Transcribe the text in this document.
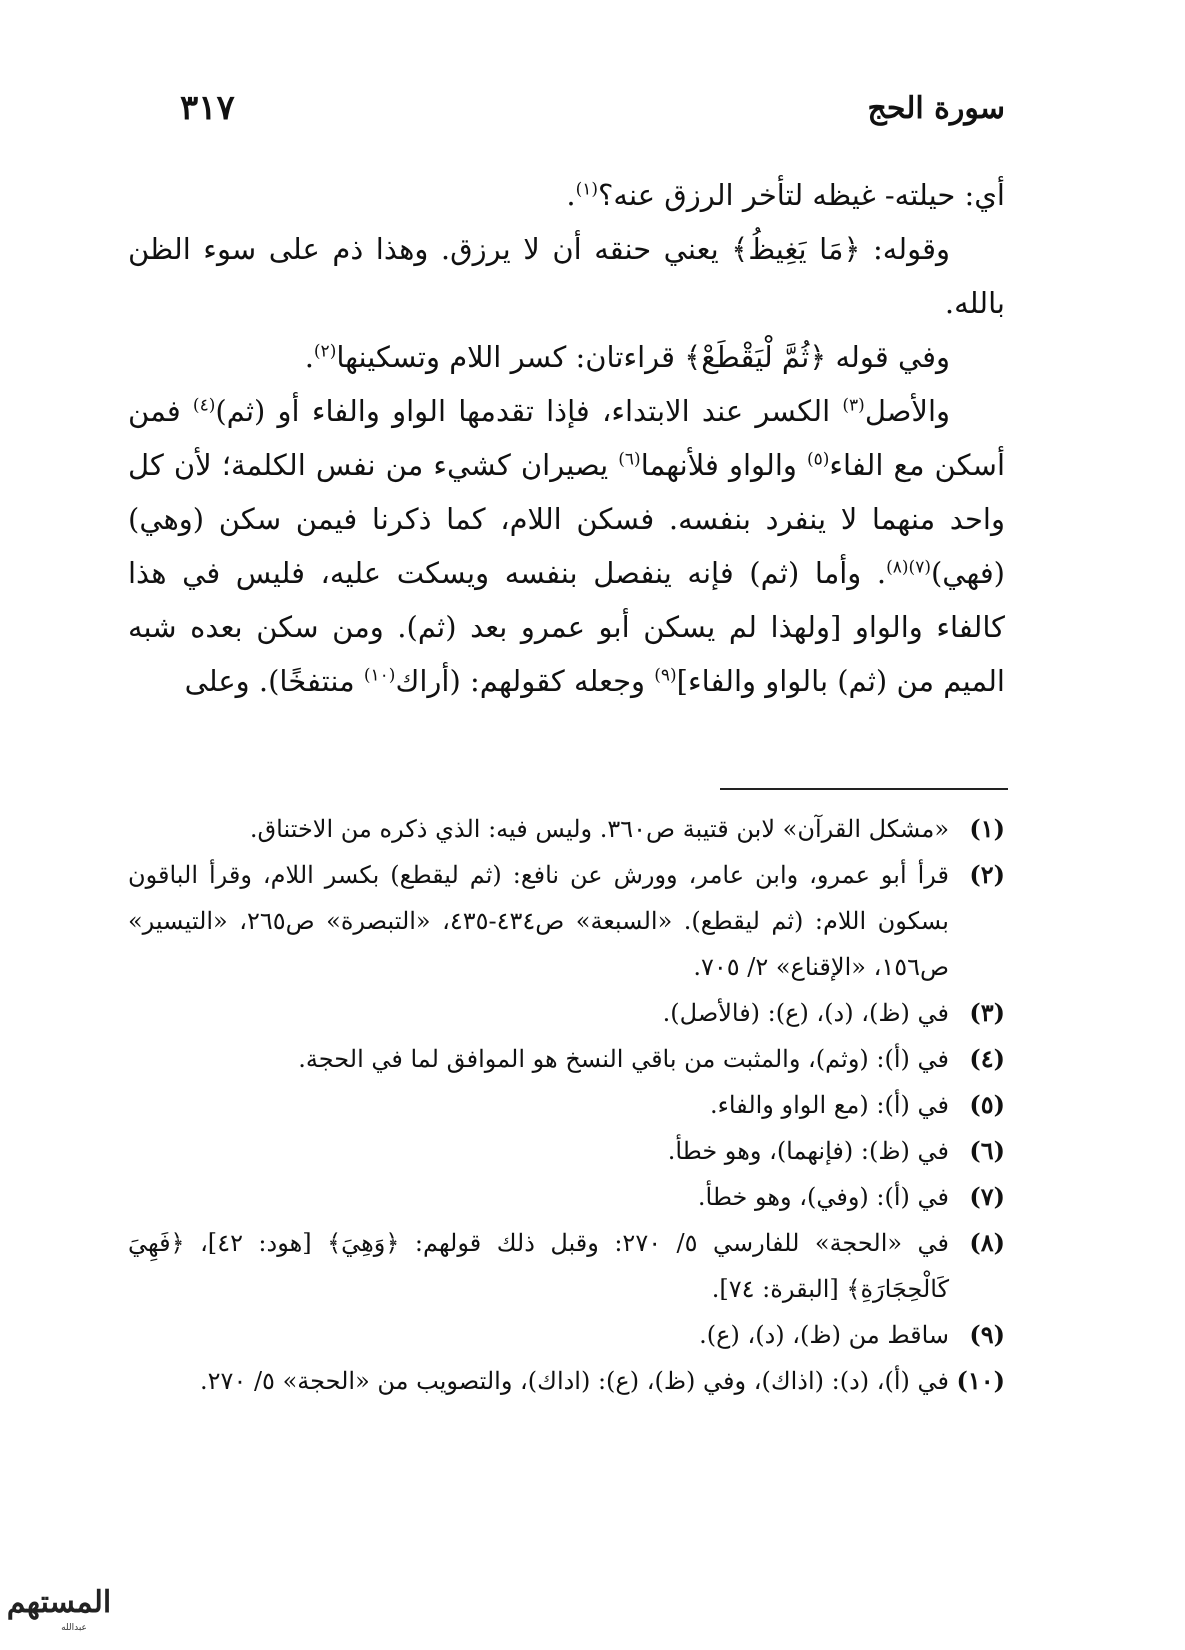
سورة الحج
٣١٧

أي: حيلته- غيظه لتأخر الرزق عنه؟$^{(١)}$.

وقوله: ﴿مَا يَغِيظُ﴾ يعني حنقه أن لا يرزق. وهذا ذم على سوء الظن بالله.

وفي قوله ﴿ثُمَّ لْيَقْطَعْ﴾ قراءتان: كسر اللام وتسكينها$^{(٢)}$.

والأصل$^{(٣)}$ الكسر عند الابتداء، فإذا تقدمها الواو والفاء أو (ثم)$^{(٤)}$ فمن أسكن مع الفاء$^{(٥)}$ والواو فلأنهما$^{(٦)}$ يصيران كشيء من نفس الكلمة؛ لأن كل واحد منهما لا ينفرد بنفسه. فسكن اللام، كما ذكرنا فيمن سكن (وهي) (فهي)$^{(٧)(٨)}$. وأما (ثم) فإنه ينفصل بنفسه ويسكت عليه، فليس في هذا كالفاء والواو [ولهذا لم يسكن أبو عمرو بعد (ثم). ومن سكن بعده شبه الميم من (ثم) بالواو والفاء]$^{(٩)}$ وجعله كقولهم: (أراك$^{(١٠)}$ منتفخًا). وعلى

(١)
«مشكل القرآن» لابن قتيبة ص٣٦٠. وليس فيه: الذي ذكره من الاختناق.
(٢)
قرأ أبو عمرو، وابن عامر، وورش عن نافع: (ثم ليقطع) بكسر اللام، وقرأ الباقون بسكون اللام: (ثم ليقطع). «السبعة» ص٤٣٤-٤٣٥، «التبصرة» ص٢٦٥، «التيسير» ص١٥٦، «الإقناع» ٢/ ٧٠٥.
(٣)
في (ظ)، (د)، (ع): (فالأصل).
(٤)
في (أ): (وثم)، والمثبت من باقي النسخ هو الموافق لما في الحجة.
(٥)
في (أ): (مع الواو والفاء.
(٦)
في (ظ): (فإنهما)، وهو خطأ.
(٧)
في (أ): (وفي)، وهو خطأ.
(٨)
في «الحجة» للفارسي ٥/ ٢٧٠: وقبل ذلك قولهم: ﴿وَهِيَ﴾ [هود: ٤٢]، ﴿فَهِيَ كَالْحِجَارَةِ﴾ [البقرة: ٧٤].
(٩)
ساقط من (ظ)، (د)، (ع).
(١٠)
في (أ)، (د): (اذاك)، وفي (ظ)، (ع): (اداك)، والتصويب من «الحجة» ٥/ ٢٧٠.
المستهم
عبدالله
